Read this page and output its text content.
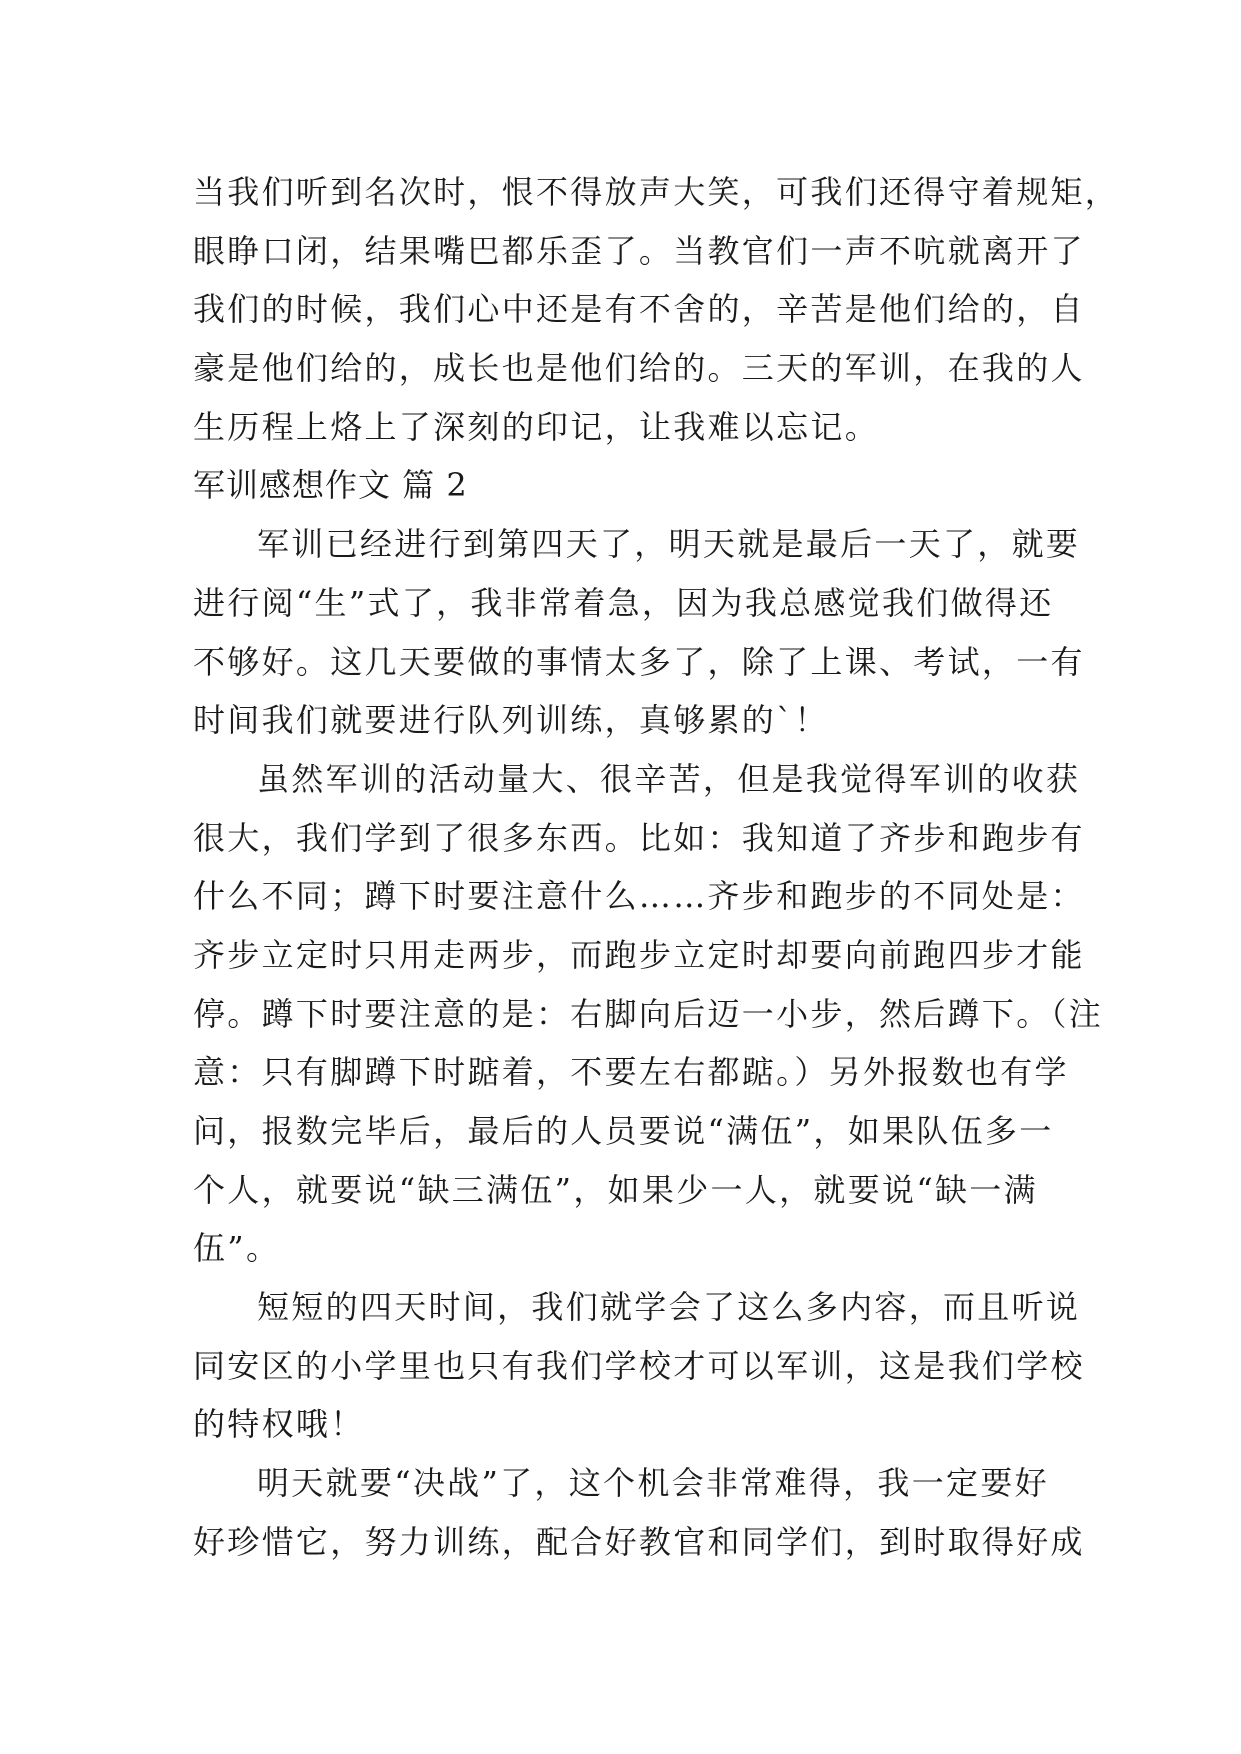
当我们听到名次时，恨不得放声大笑，可我们还得守着规矩，
眼睁口闭，结果嘴巴都乐歪了。当教官们一声不吭就离开了
我们的时候，我们心中还是有不舍的，辛苦是他们给的，自
豪是他们给的，成长也是他们给的。三天的军训，在我的人
生历程上烙上了深刻的印记，让我难以忘记。
军训感想作文 篇 2
军训已经进行到第四天了，明天就是最后一天了，就要
进行阅“生”式了，我非常着急，因为我总感觉我们做得还
不够好。这几天要做的事情太多了，除了上课、考试，一有
时间我们就要进行队列训练，真够累的`！
虽然军训的活动量大、很辛苦，但是我觉得军训的收获
很大，我们学到了很多东西。比如：我知道了齐步和跑步有
什么不同；蹲下时要注意什么……齐步和跑步的不同处是：
齐步立定时只用走两步，而跑步立定时却要向前跑四步才能
停。蹲下时要注意的是：右脚向后迈一小步，然后蹲下。（注
意：只有脚蹲下时踮着，不要左右都踮。）另外报数也有学
问，报数完毕后，最后的人员要说“满伍”，如果队伍多一
个人，就要说“缺三满伍”，如果少一人，就要说“缺一满
伍”。
短短的四天时间，我们就学会了这么多内容，而且听说
同安区的小学里也只有我们学校才可以军训，这是我们学校
的特权哦！
明天就要“决战”了，这个机会非常难得，我一定要好
好珍惜它，努力训练，配合好教官和同学们，到时取得好成
